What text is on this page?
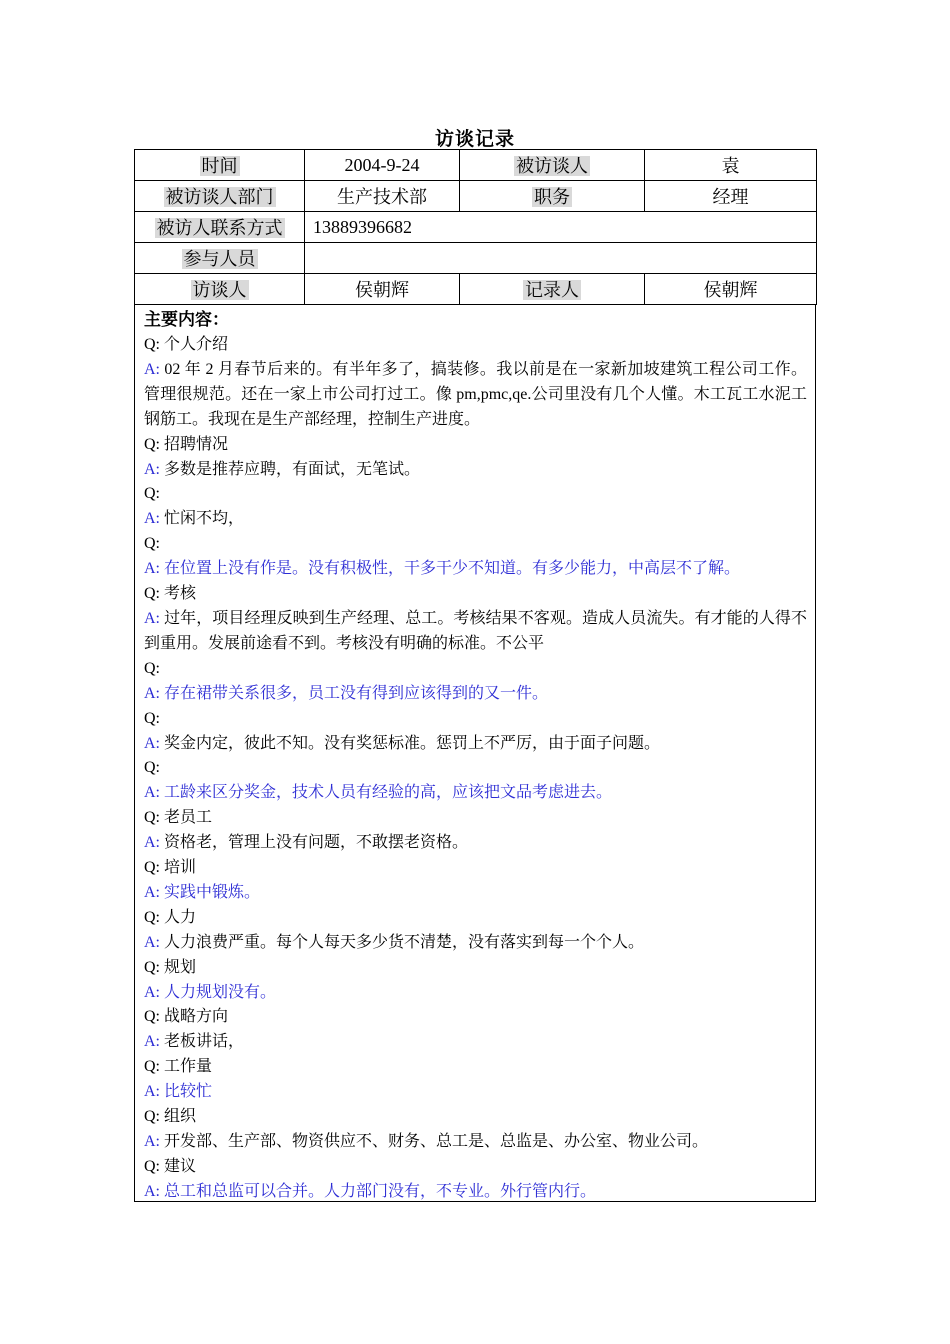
访谈记录
时间	2004-9-24	被访谈人	袁
被访谈人部门	生产技术部	职务	经理
被访人联系方式	13889396682		
参与人员			
访谈人	侯朝辉	记录人	侯朝辉
主要内容：

Q: 个人介绍

A: 02 年 2 月春节后来的。有半年多了，搞装修。我以前是在一家新加坡建筑工程公司工作。管理很规范。还在一家上市公司打过工。像 pm,pmc,qe.公司里没有几个人懂。木工瓦工水泥工钢筋工。我现在是生产部经理，控制生产进度。

Q: 招聘情况

A: 多数是推荐应聘，有面试，无笔试。

Q:

A: 忙闲不均，

Q:

A: 在位置上没有作是。没有积极性，干多干少不知道。有多少能力，中高层不了解。

Q: 考核

A: 过年，项目经理反映到生产经理、总工。考核结果不客观。造成人员流失。有才能的人得不到重用。发展前途看不到。考核没有明确的标准。不公平

Q:

A: 存在裙带关系很多，员工没有得到应该得到的又一件。

Q:

A: 奖金内定，彼此不知。没有奖惩标准。惩罚上不严厉，由于面子问题。

Q:

A: 工龄来区分奖金，技术人员有经验的高，应该把文品考虑进去。

Q: 老员工

A: 资格老，管理上没有问题，不敢摆老资格。

Q: 培训

A: 实践中锻炼。

Q: 人力

A: 人力浪费严重。每个人每天多少货不清楚，没有落实到每一个个人。

Q: 规划

A: 人力规划没有。

Q: 战略方向

A: 老板讲话，

Q: 工作量

A: 比较忙

Q: 组织

A: 开发部、生产部、物资供应不、财务、总工是、总监是、办公室、物业公司。

Q: 建议

A: 总工和总监可以合并。人力部门没有，不专业。外行管内行。
